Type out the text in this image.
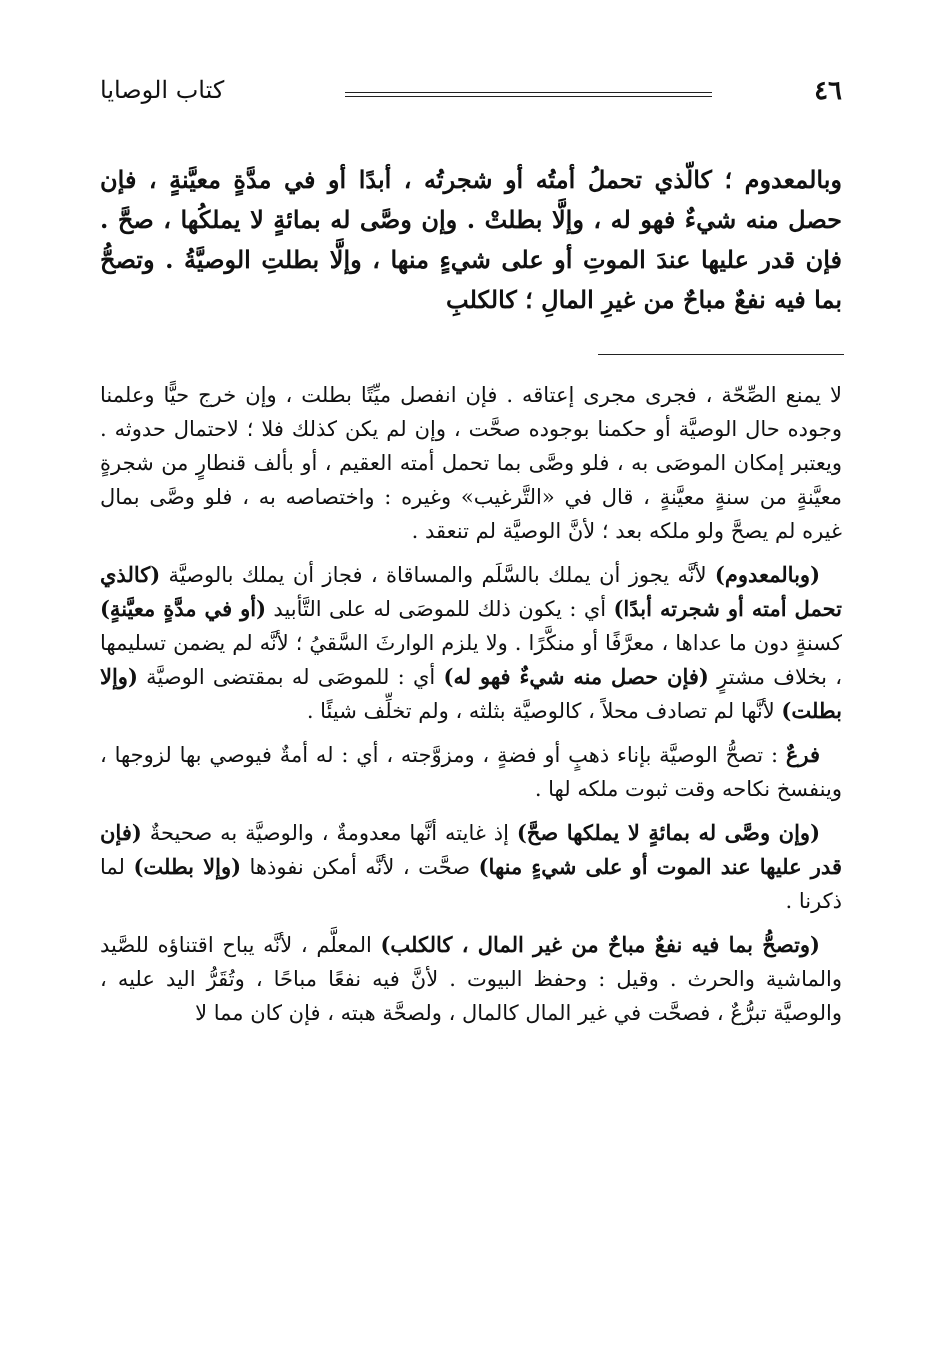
٤٦
كتاب الوصايا
وبالمعدوم ؛ كالّذي تحملُ أمتُه أو شجرتُه ، أبدًا أو في مدَّةٍ معيَّنةٍ ، فإن حصل منه شيءٌ فهو له ، وإلَّا بطلتْ . وإن وصَّى له بمائةٍ لا يملكُها ، صحَّ . فإن قدر عليها عندَ الموتِ أو على شيءٍ منها ، وإلَّا بطلتِ الوصيَّةُ . وتصحُّ بما فيه نفعٌ مباحٌ من غيرِ المالِ ؛ كالكلبِ

لا يمنع الصِّحّة ، فجرى مجرى إعتاقه . فإن انفصل ميِّتًا بطلت ، وإن خرج حيًّا وعلمنا وجوده حال الوصيَّة أو حكمنا بوجوده صحَّت ، وإن لم يكن كذلك فلا ؛ لاحتمال حدوثه . ويعتبر إمكان الموصَى به ، فلو وصَّى بما تحمل أمته العقيم ، أو بألف قنطارٍ من شجرةٍ معيَّنةٍ من سنةٍ معيَّنةٍ ، قال في «التَّرغيب» وغيره : واختصاصه به ، فلو وصَّى بمال غيره لم يصحَّ ولو ملكه بعد ؛ لأنَّ الوصيَّة لم تنعقد .

(وبالمعدوم) لأنَّه يجوز أن يملك بالسَّلَم والمساقاة ، فجاز أن يملك بالوصيَّة (كالذي تحمل أمته أو شجرته أبدًا) أي : يكون ذلك للموصَى له على التَّأبيد (أو في مدَّةٍ معيَّنةٍ) كسنةٍ دون ما عداها ، معرَّفًا أو منكَّرًا . ولا يلزم الوارثَ السَّقيُ ؛ لأنَّه لم يضمن تسليمها ، بخلاف مشترٍ (فإن حصل منه شيءٌ فهو له) أي : للموصَى له بمقتضى الوصيَّة (وإلا بطلت) لأنَّها لم تصادف محلاً ، كالوصيَّة بثلثه ، ولم تخلِّف شيئًا .

فرعٌ : تصحُّ الوصيَّة بإناء ذهبٍ أو فضةٍ ، ومزوَّجته ، أي : له أمةٌ فيوصي بها لزوجها ، وينفسخ نكاحه وقت ثبوت ملكه لها .

(وإن وصَّى له بمائةٍ لا يملكها صحَّ) إذ غايته أنَّها معدومةٌ ، والوصيَّة به صحيحةٌ (فإن قدر عليها عند الموت أو على شيءٍ منها) صحَّت ، لأنَّه أمكن نفوذها (وإلا بطلت) لما ذكرنا .

(وتصحُّ بما فيه نفعٌ مباحٌ من غير المال ، كالكلب) المعلَّم ، لأنَّه يباح اقتناؤه للصَّيد والماشية والحرث . وقيل : وحفظ البيوت . لأنَّ فيه نفعًا مباحًا ، وتُقَرُّ اليد عليه ، والوصيَّة تبرُّعٌ ، فصحَّت في غير المال كالمال ، ولصحَّة هبته ، فإن كان مما لا
